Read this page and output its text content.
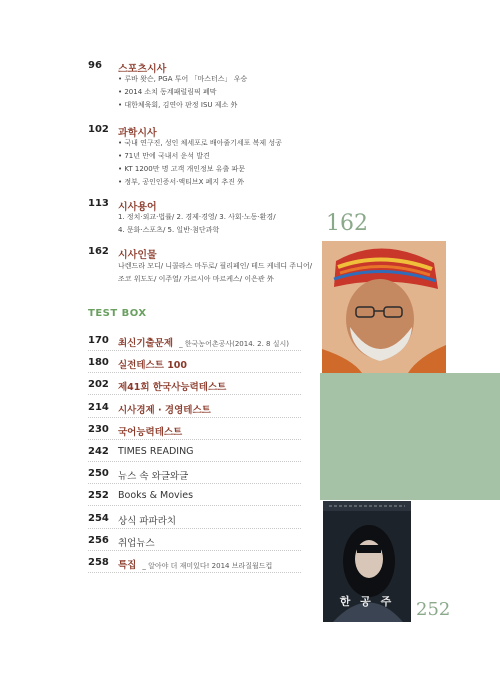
96 스포츠시사
• 루바 왓슨, PGA 투어 「마스터스」 우승
• 2014 소치 동계패럴림픽 폐막
• 대한체육회, 김연아 판정 ISU 제소 外
102 과학시사
• 국내 연구진, 성인 체세포로 배아줄기세포 복제 성공
• 71년 만에 국내서 운석 발견
• KT 1200만 명 고객 개인정보 유출 파문
• 정부, 공인인증서·액티브X 폐지 추진 外
113 시사용어
1. 정치·외교·법률/ 2. 경제·경영/ 3. 사회·노동·환경/
4. 문화·스포츠/ 5. 일반·첨단과학
162 시사인물
나렌드라 모디/ 니콜라스 마두로/ 필리페인/ 테드 케네디 주니어/
조코 위도도/ 이주열/ 가르시아 마르케스/ 이은관 外
TEST BOX
170 최신기출문제 _ 한국농어촌공사(2014. 2. 8 실시)
180 실전테스트 100
202 제41회 한국사능력테스트
214 시사경제 · 경영테스트
230 국어능력테스트
242 TIMES READING
250 뉴스 속 와글와글
252 Books & Movies
254 상식 파파라치
256 취업뉴스
258 특집 _ 알아야 더 재미있다! 2014 브라질월드컵
162
한 공 주	252
